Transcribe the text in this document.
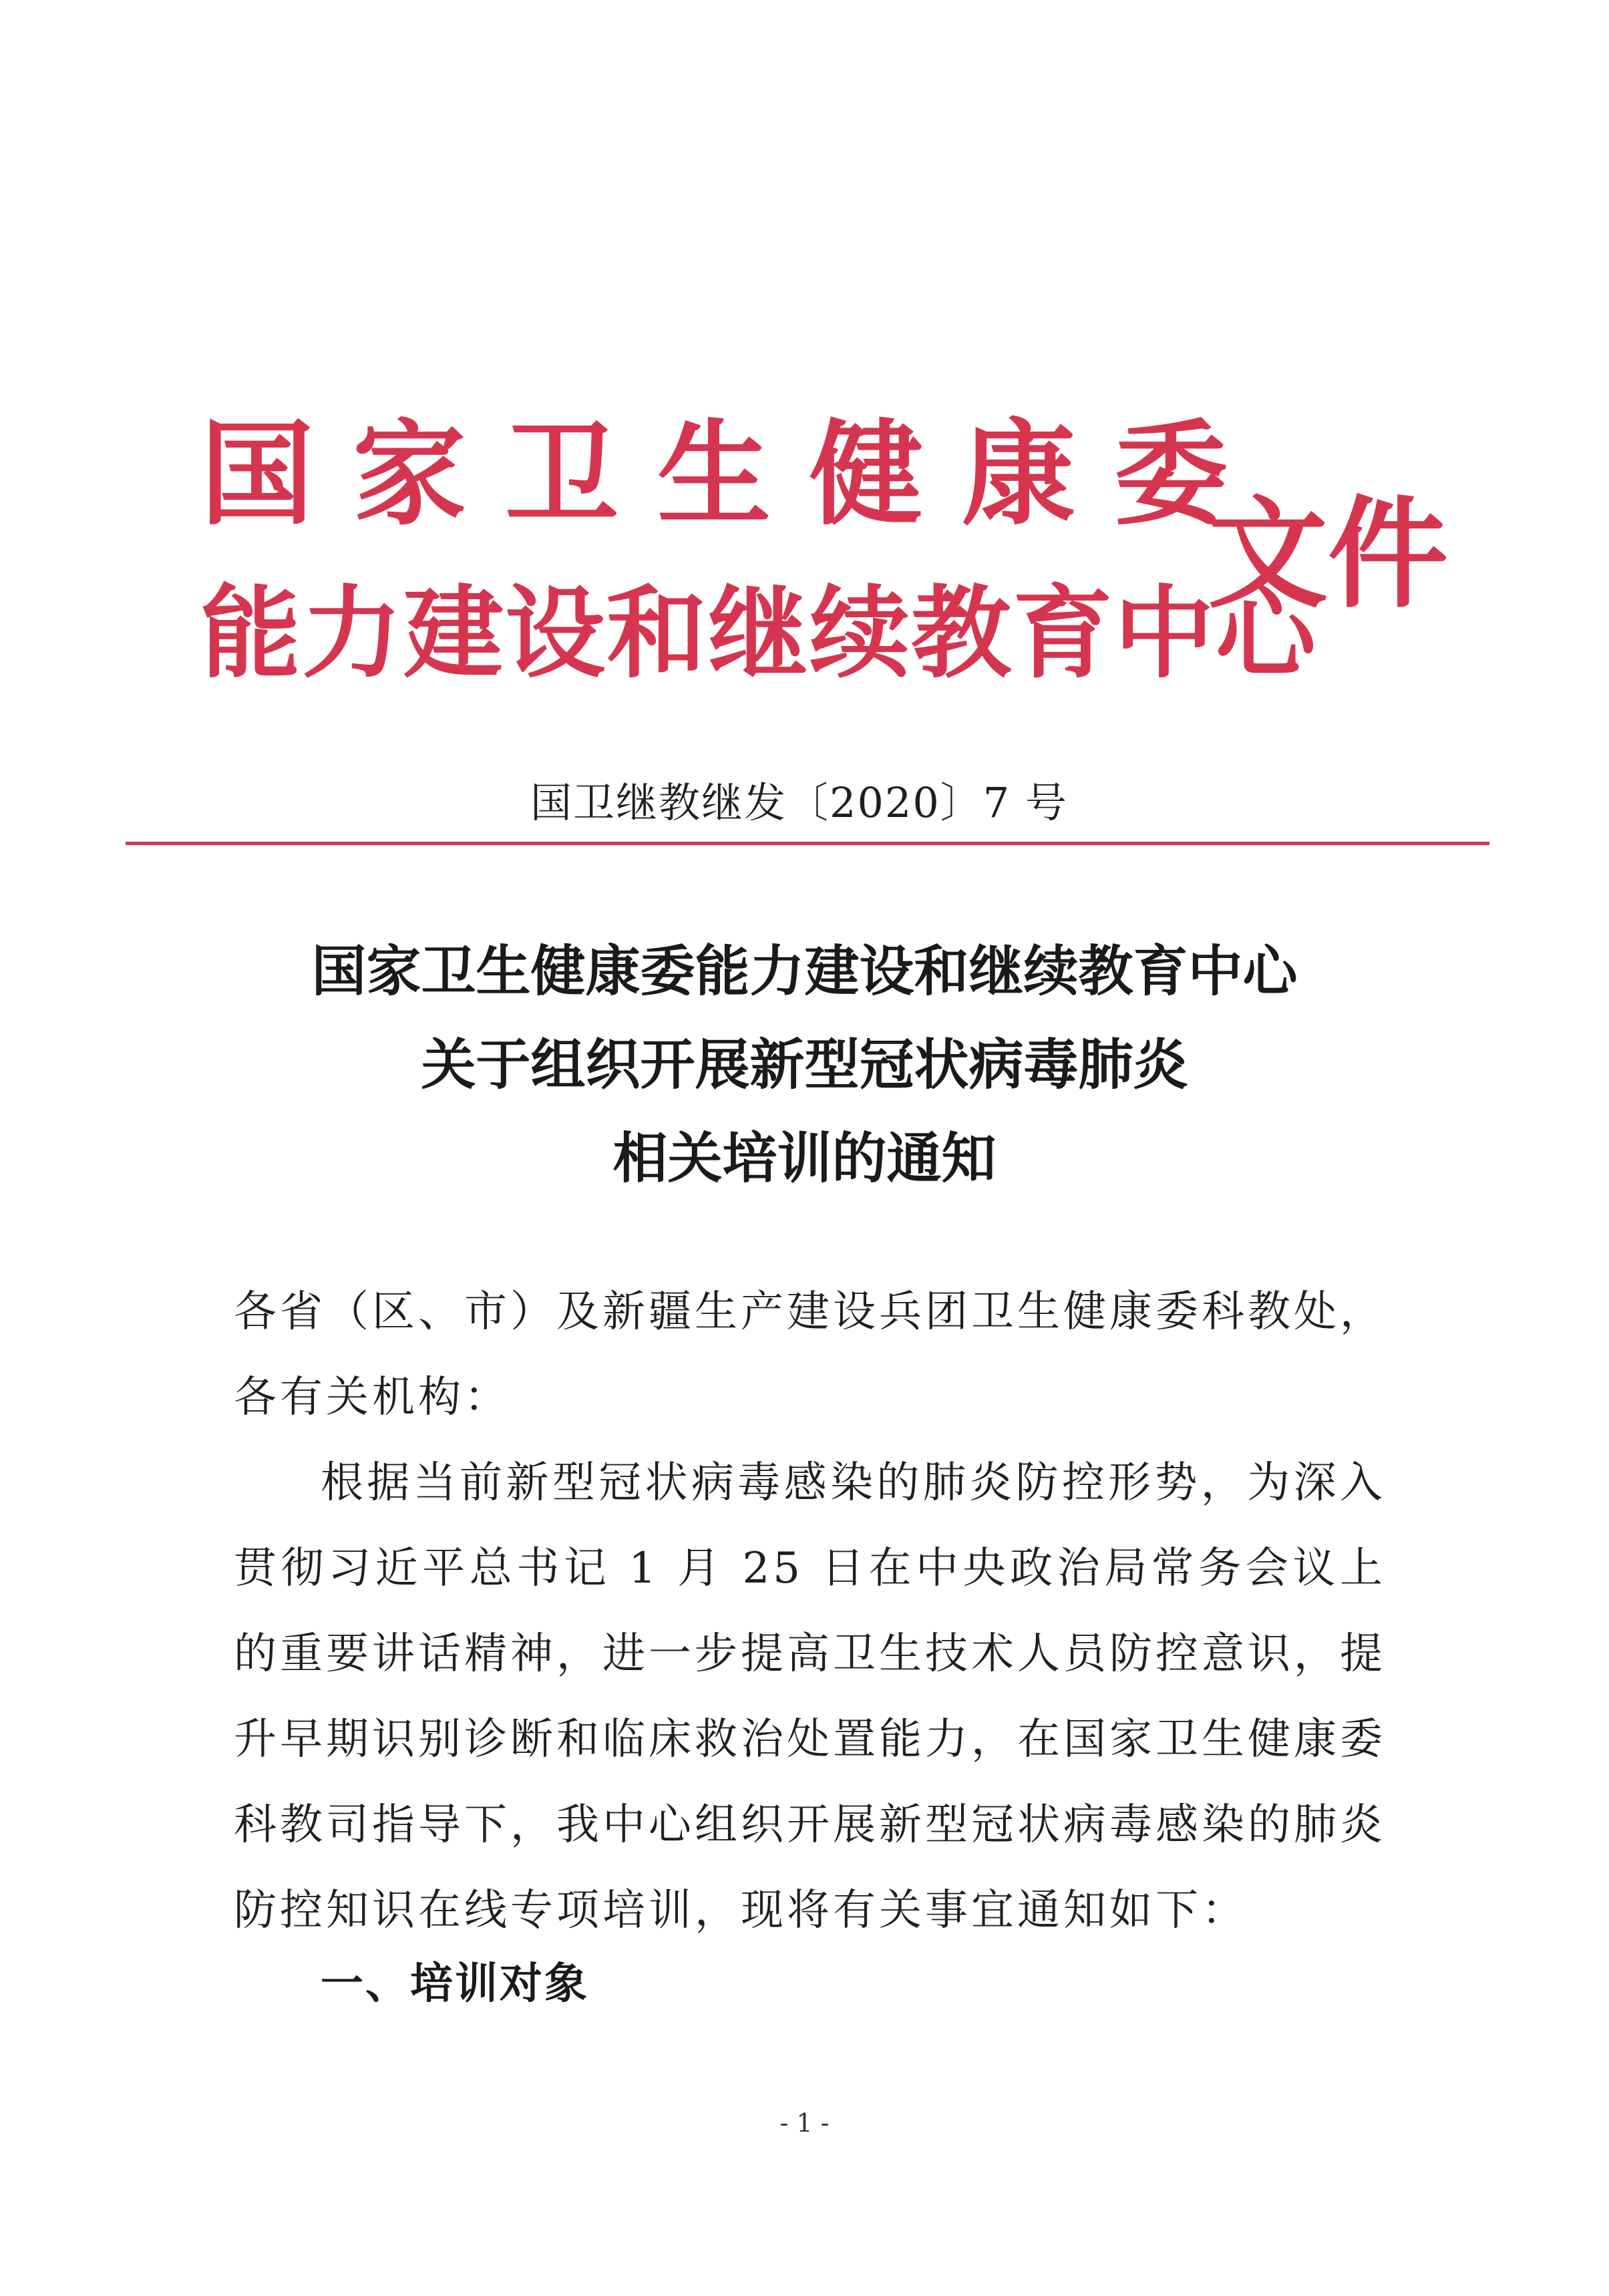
国家卫生健康委
能力建设和继续教育中心
文件
国卫继教继发〔2020〕7 号
国家卫生健康委能力建设和继续教育中心
关于组织开展新型冠状病毒肺炎
相关培训的通知

各省（区、市）及新疆生产建设兵团卫生健康委科教处，各有关机构：

根据当前新型冠状病毒感染的肺炎防控形势，为深入贯彻习近平总书记 1 月 25 日在中央政治局常务会议上的重要讲话精神，进一步提高卫生技术人员防控意识，提升早期识别诊断和临床救治处置能力，在国家卫生健康委科教司指导下，我中心组织开展新型冠状病毒感染的肺炎防控知识在线专项培训，现将有关事宜通知如下：

一、培训对象
- 1 -
